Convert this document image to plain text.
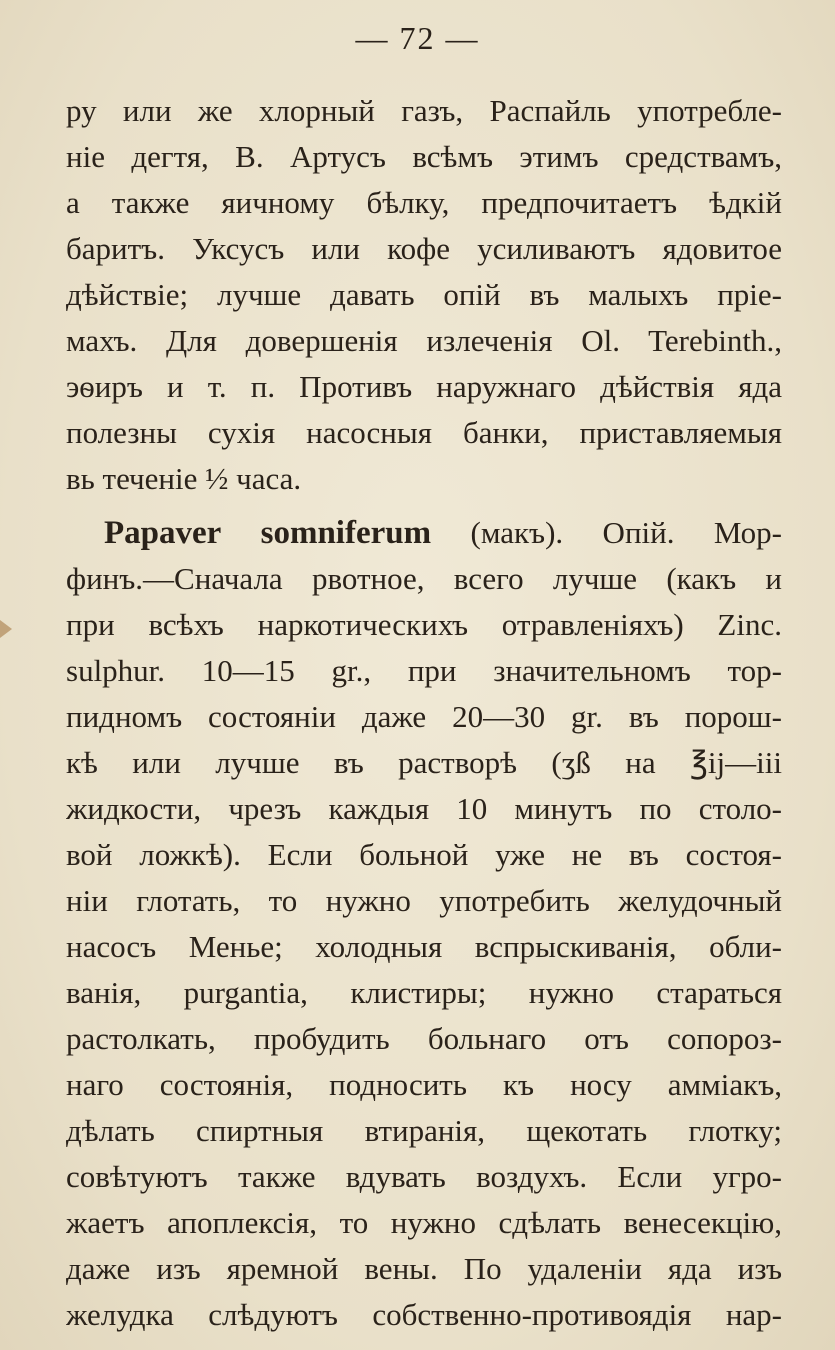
— 72 —
ру или же хлорный газъ, Распайль употребле-
ніе дегтя, В. Артусъ всѣмъ этимъ средствамъ,
а также яичному бѣлку, предпочитаетъ ѣдкій
баритъ. Уксусъ или кофе усиливаютъ ядовитое
дѣйствіе; лучше давать опій въ малыхъ пріе-
махъ. Для довершенія излеченія Ol. Terebinth.,
эѳиръ и т. п. Противъ наружнаго дѣйствія яда
полезны сухія насосныя банки, приставляемыя
вь теченіе ½ часа.
Papaver somniferum (макъ). Опій. Мор-
финъ.—Сначала рвотное, всего лучше (какъ и
при всѣхъ наркотическихъ отравленіяхъ) Zinc.
sulphur. 10—15 gr., при значительномъ тор-
пидномъ состояніи даже 20—30 gr. въ порош-
кѣ или лучше въ растворѣ (ʒß на ℥ij—iii
жидкости, чрезъ каждыя 10 минутъ по столо-
вой ложкѣ). Если больной уже не въ состоя-
ніи глотать, то нужно употребить желудочный
насосъ Менье; холодныя вспрыскиванія, обли-
ванія, purgantia, клистиры; нужно стараться
растолкать, пробудить больнаго отъ сопороз-
наго состоянія, подносить къ носу аммiакъ,
дѣлать спиртныя втиранія, щекотать глотку;
совѣтуютъ также вдувать воздухъ. Если угро-
жаетъ апоплексія, то нужно сдѣлать венесекцію,
даже изъ яремной вены. По удаленіи яда изъ
желудка слѣдуютъ собственно-противоядія нар-
